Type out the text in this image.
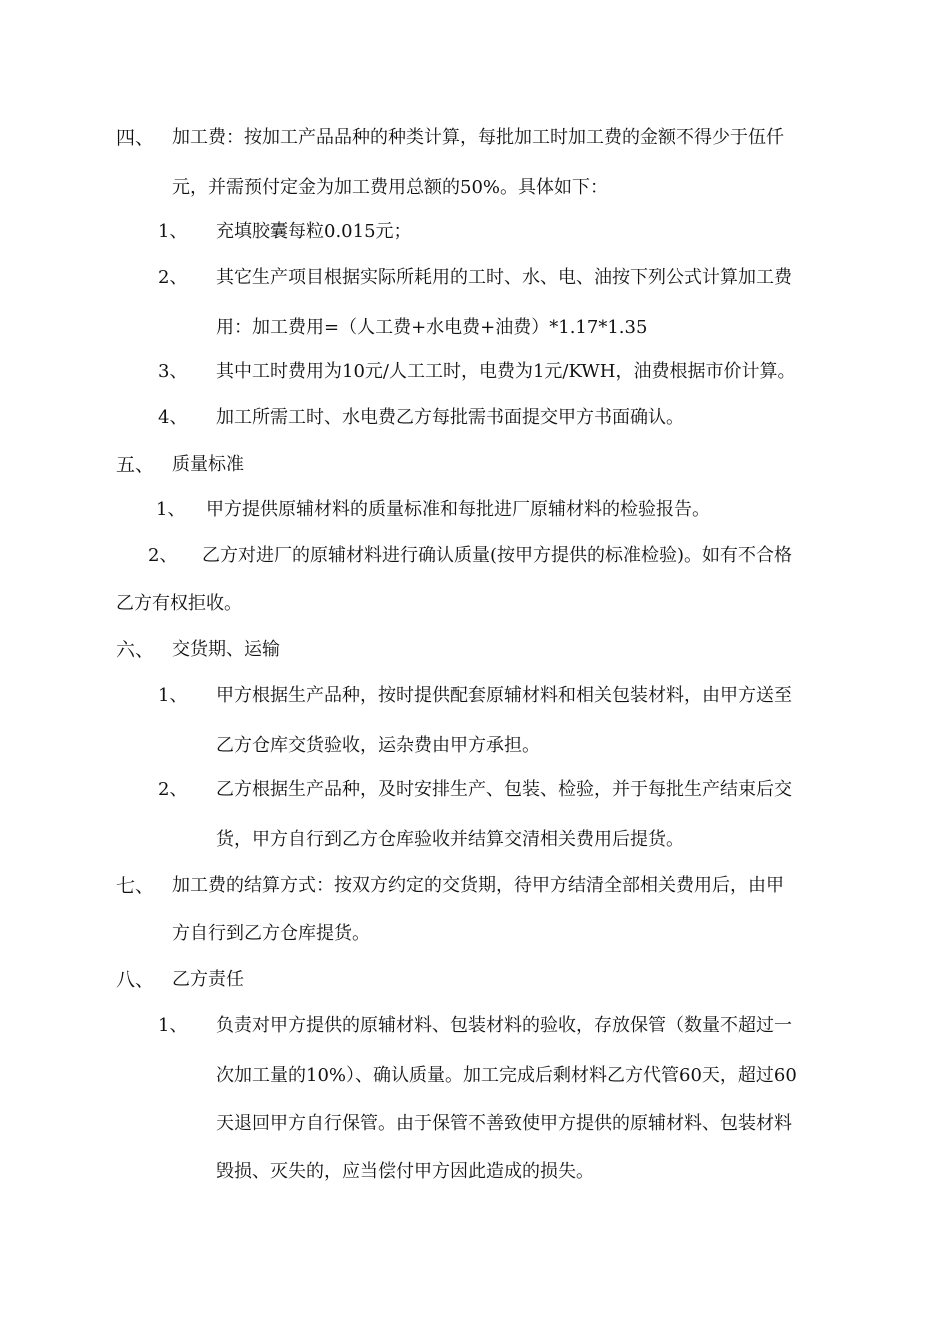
四、 加工费：按加工产品品种的种类计算，每批加工时加工费的金额不得少于伍仟
元，并需预付定金为加工费用总额的50%。具体如下：
1、 充填胶囊每粒0.015元；
2、 其它生产项目根据实际所耗用的工时、水、电、油按下列公式计算加工费
用：加工费用=（人工费+水电费+油费）*1.17*1.35
3、 其中工时费用为10元/人工工时，电费为1元/KWH，油费根据市价计算。
4、 加工所需工时、水电费乙方每批需书面提交甲方书面确认。
五、 质量标准
1、 甲方提供原辅材料的质量标准和每批进厂原辅材料的检验报告。
2、 乙方对进厂的原辅材料进行确认质量(按甲方提供的标准检验)。如有不合格
乙方有权拒收。
六、 交货期、运输
1、 甲方根据生产品种，按时提供配套原辅材料和相关包装材料，由甲方送至
乙方仓库交货验收，运杂费由甲方承担。
2、 乙方根据生产品种，及时安排生产、包装、检验，并于每批生产结束后交
货，甲方自行到乙方仓库验收并结算交清相关费用后提货。
七、 加工费的结算方式：按双方约定的交货期，待甲方结清全部相关费用后，由甲
方自行到乙方仓库提货。
八、 乙方责任
1、 负责对甲方提供的原辅材料、包装材料的验收，存放保管（数量不超过一
次加工量的10%）、确认质量。加工完成后剩材料乙方代管60天，超过60
天退回甲方自行保管。由于保管不善致使甲方提供的原辅材料、包装材料
毁损、灭失的，应当偿付甲方因此造成的损失。
